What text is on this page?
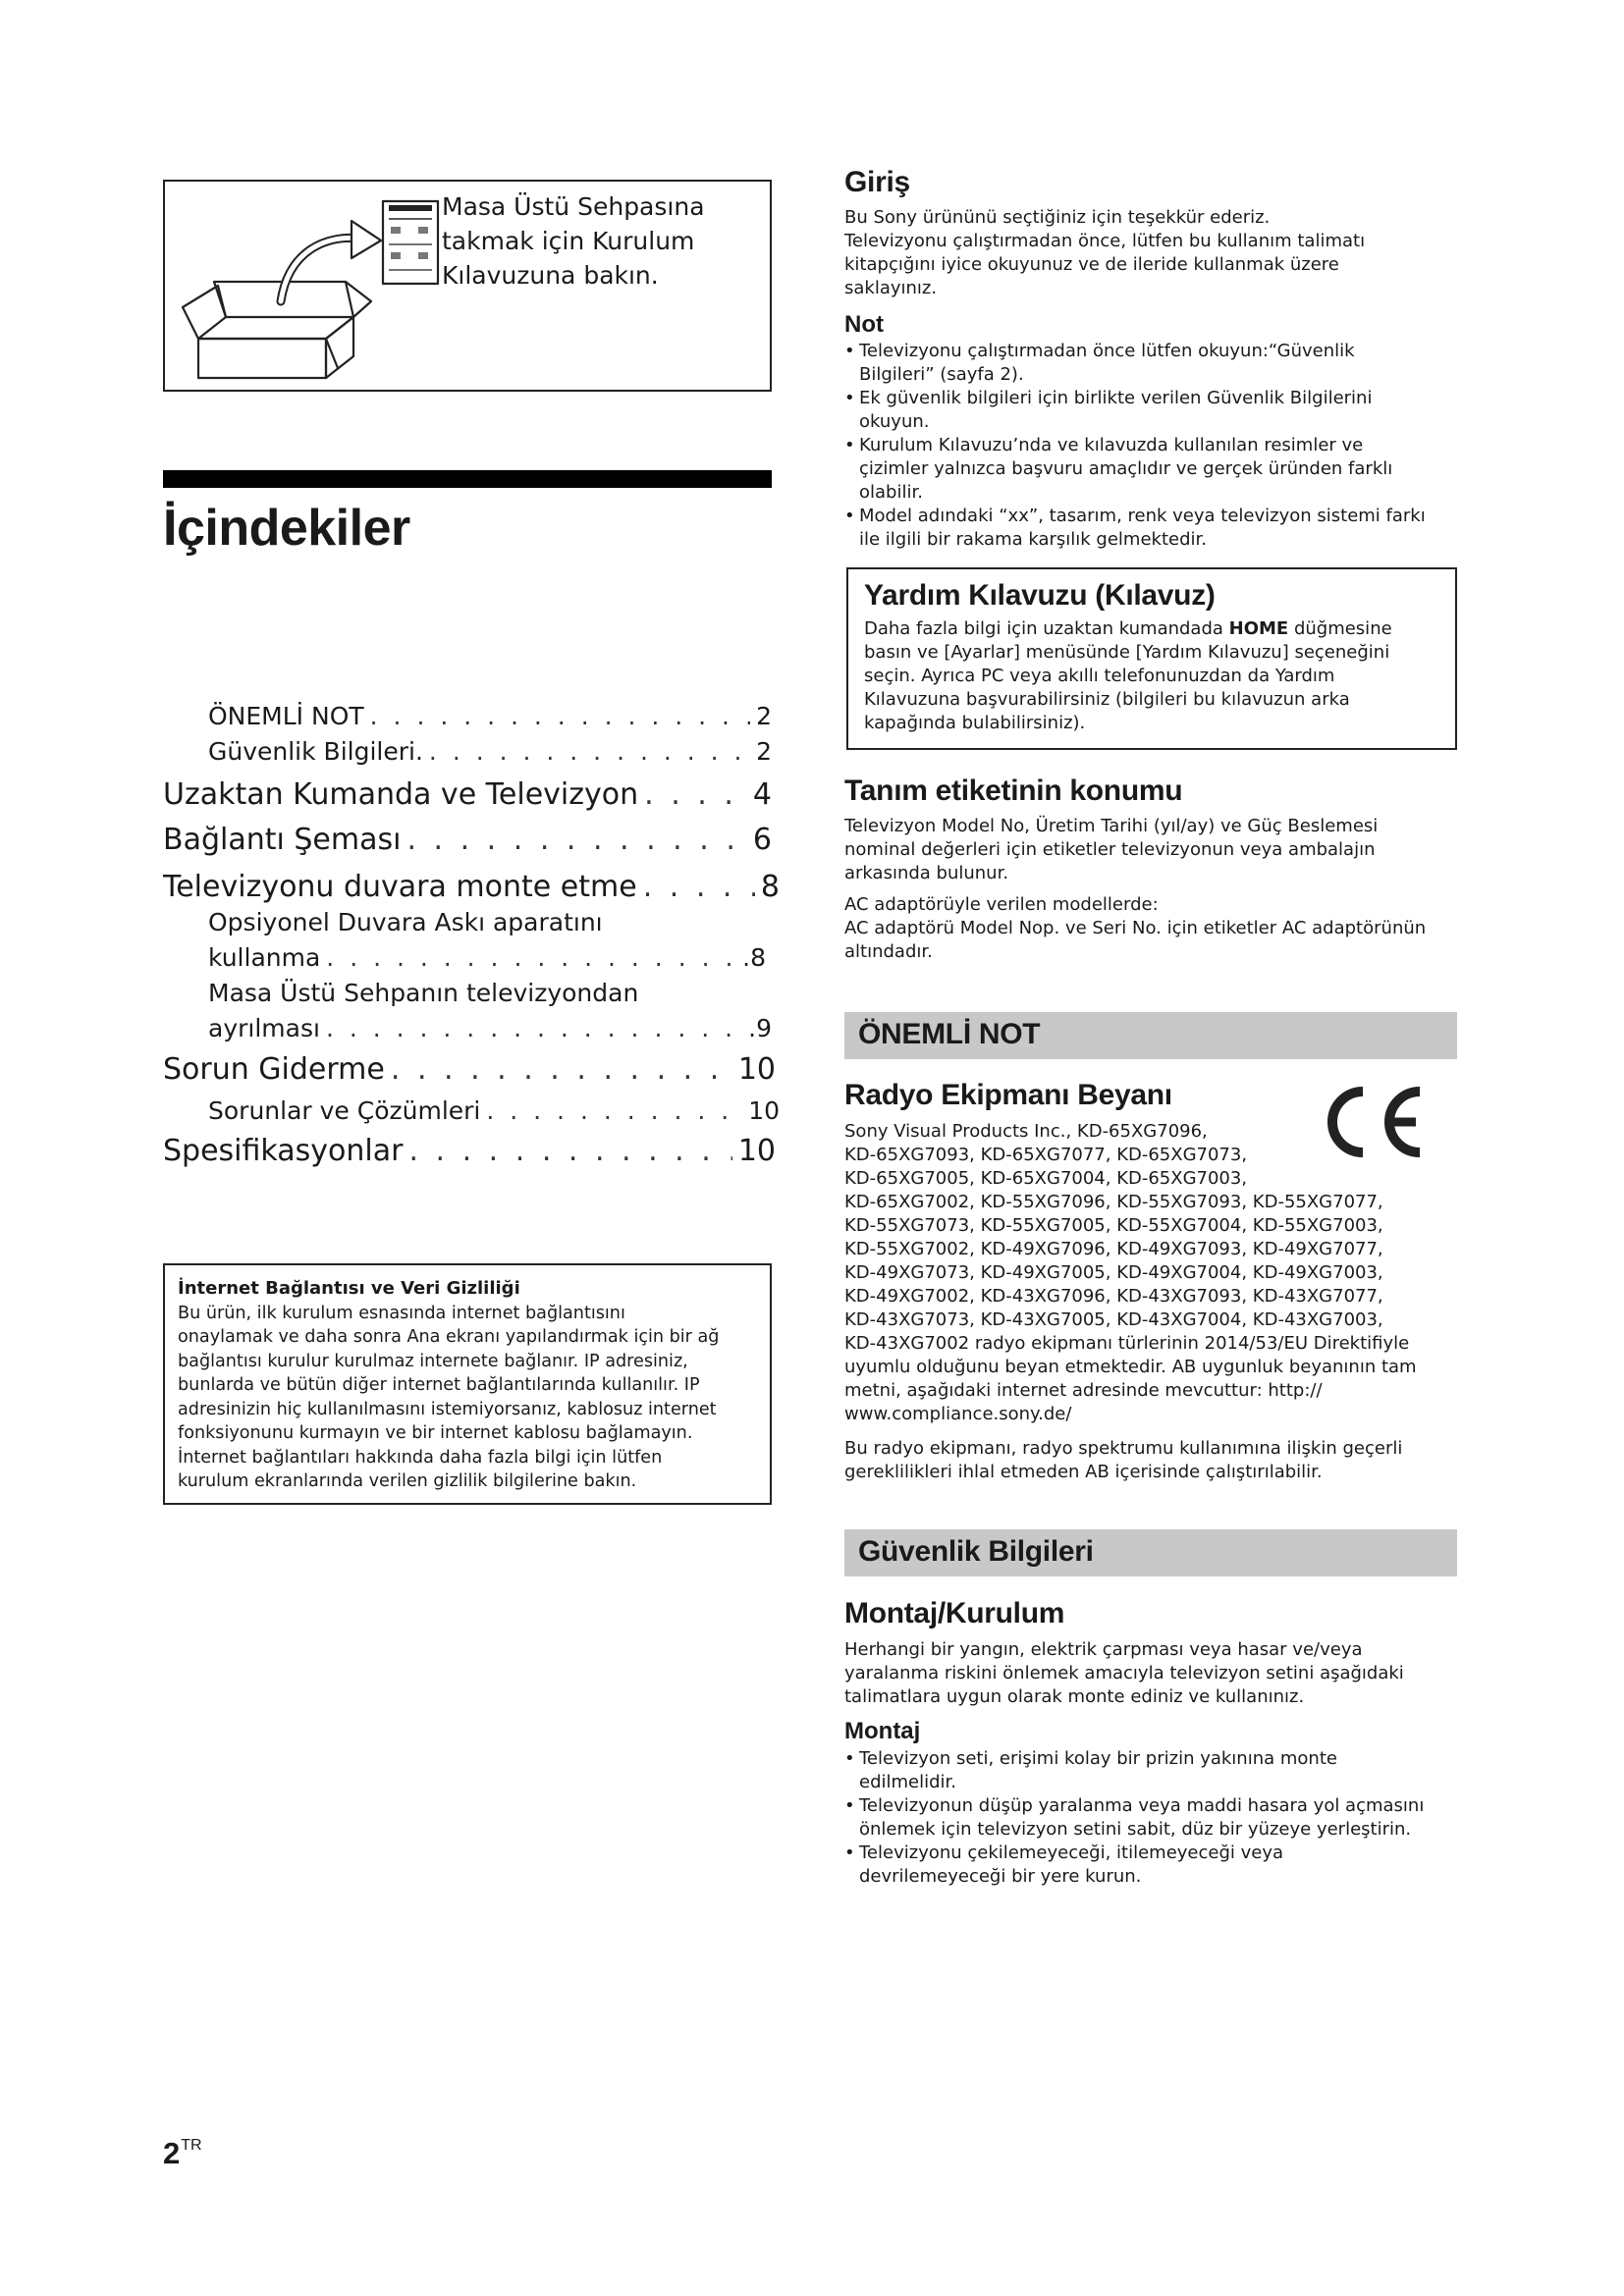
Masa Üstü Sehpasına
takmak için Kurulum
Kılavuzuna bakın.
İçindekiler
ÖNEMLİ NOT . . .	2
Güvenlik Bilgileri. . . .	2
Uzaktan Kumanda ve Televizyon . . .	4
Bağlantı Şeması . . .	6
Televizyonu duvara monte etme . . .	8
Opsiyonel Duvara Askı aparatını
kullanma . . .	.8
Masa Üstü Sehpanın televizyondan
ayrılması . . .	.9
Sorun Giderme . . .	10
Sorunlar ve Çözümleri . . .	10
Spesifikasyonlar . . .	10
İnternet Bağlantısı ve Veri Gizliliği
Bu ürün, ilk kurulum esnasında internet bağlantısını
onaylamak ve daha sonra Ana ekranı yapılandırmak için bir ağ
bağlantısı kurulur kurulmaz internete bağlanır. IP adresiniz,
bunlarda ve bütün diğer internet bağlantılarında kullanılır. IP
adresinizin hiç kullanılmasını istemiyorsanız, kablosuz internet
fonksiyonunu kurmayın ve bir internet kablosu bağlamayın.
İnternet bağlantıları hakkında daha fazla bilgi için lütfen
kurulum ekranlarında verilen gizlilik bilgilerine bakın.
$2^{TR}$
Giriş
Bu Sony ürününü seçtiğiniz için teşekkür ederiz.
Televizyonu çalıştırmadan önce, lütfen bu kullanım talimatı
kitapçığını iyice okuyunuz ve de ileride kullanmak üzere
saklayınız.
Not
• Televizyonu çalıştırmadan önce lütfen okuyun:“Güvenlik
Bilgileri” (sayfa 2).
• Ek güvenlik bilgileri için birlikte verilen Güvenlik Bilgilerini
okuyun.
• Kurulum Kılavuzu’nda ve kılavuzda kullanılan resimler ve
çizimler yalnızca başvuru amaçlıdır ve gerçek üründen farklı
olabilir.
• Model adındaki “xx”, tasarım, renk veya televizyon sistemi farkı
ile ilgili bir rakama karşılık gelmektedir.
Yardım Kılavuzu (Kılavuz)
Daha fazla bilgi için uzaktan kumandada HOME düğmesine
basın ve [Ayarlar] menüsünde [Yardım Kılavuzu] seçeneğini
seçin. Ayrıca PC veya akıllı telefonunuzdan da Yardım
Kılavuzuna başvurabilirsiniz (bilgileri bu kılavuzun arka
kapağında bulabilirsiniz).
Tanım etiketinin konumu
Televizyon Model No, Üretim Tarihi (yıl/ay) ve Güç Beslemesi
nominal değerleri için etiketler televizyonun veya ambalajın
arkasında bulunur.
AC adaptörüyle verilen modellerde:
AC adaptörü Model Nop. ve Seri No. için etiketler AC adaptörünün
altındadır.
ÖNEMLİ NOT
Radyo Ekipmanı Beyanı
Sony Visual Products Inc., KD-65XG7096,
KD-65XG7093, KD-65XG7077, KD-65XG7073,
KD-65XG7005, KD-65XG7004, KD-65XG7003,
KD-65XG7002, KD-55XG7096, KD-55XG7093, KD-55XG7077,
KD-55XG7073, KD-55XG7005, KD-55XG7004, KD-55XG7003,
KD-55XG7002, KD-49XG7096, KD-49XG7093, KD-49XG7077,
KD-49XG7073, KD-49XG7005, KD-49XG7004, KD-49XG7003,
KD-49XG7002, KD-43XG7096, KD-43XG7093, KD-43XG7077,
KD-43XG7073, KD-43XG7005, KD-43XG7004, KD-43XG7003,
KD-43XG7002 radyo ekipmanı türlerinin 2014/53/EU Direktifiyle
uyumlu olduğunu beyan etmektedir. AB uygunluk beyanının tam
metni, aşağıdaki internet adresinde mevcuttur: http://
www.compliance.sony.de/
Bu radyo ekipmanı, radyo spektrumu kullanımına ilişkin geçerli
gereklilikleri ihlal etmeden AB içerisinde çalıştırılabilir.
Güvenlik Bilgileri
Montaj/Kurulum
Herhangi bir yangın, elektrik çarpması veya hasar ve/veya
yaralanma riskini önlemek amacıyla televizyon setini aşağıdaki
talimatlara uygun olarak monte ediniz ve kullanınız.
Montaj
• Televizyon seti, erişimi kolay bir prizin yakınına monte
edilmelidir.
• Televizyonun düşüp yaralanma veya maddi hasara yol açmasını
önlemek için televizyon setini sabit, düz bir yüzeye yerleştirin.
• Televizyonu çekilemeyeceği, itilemeyeceği veya
devrilemeyeceği bir yere kurun.
